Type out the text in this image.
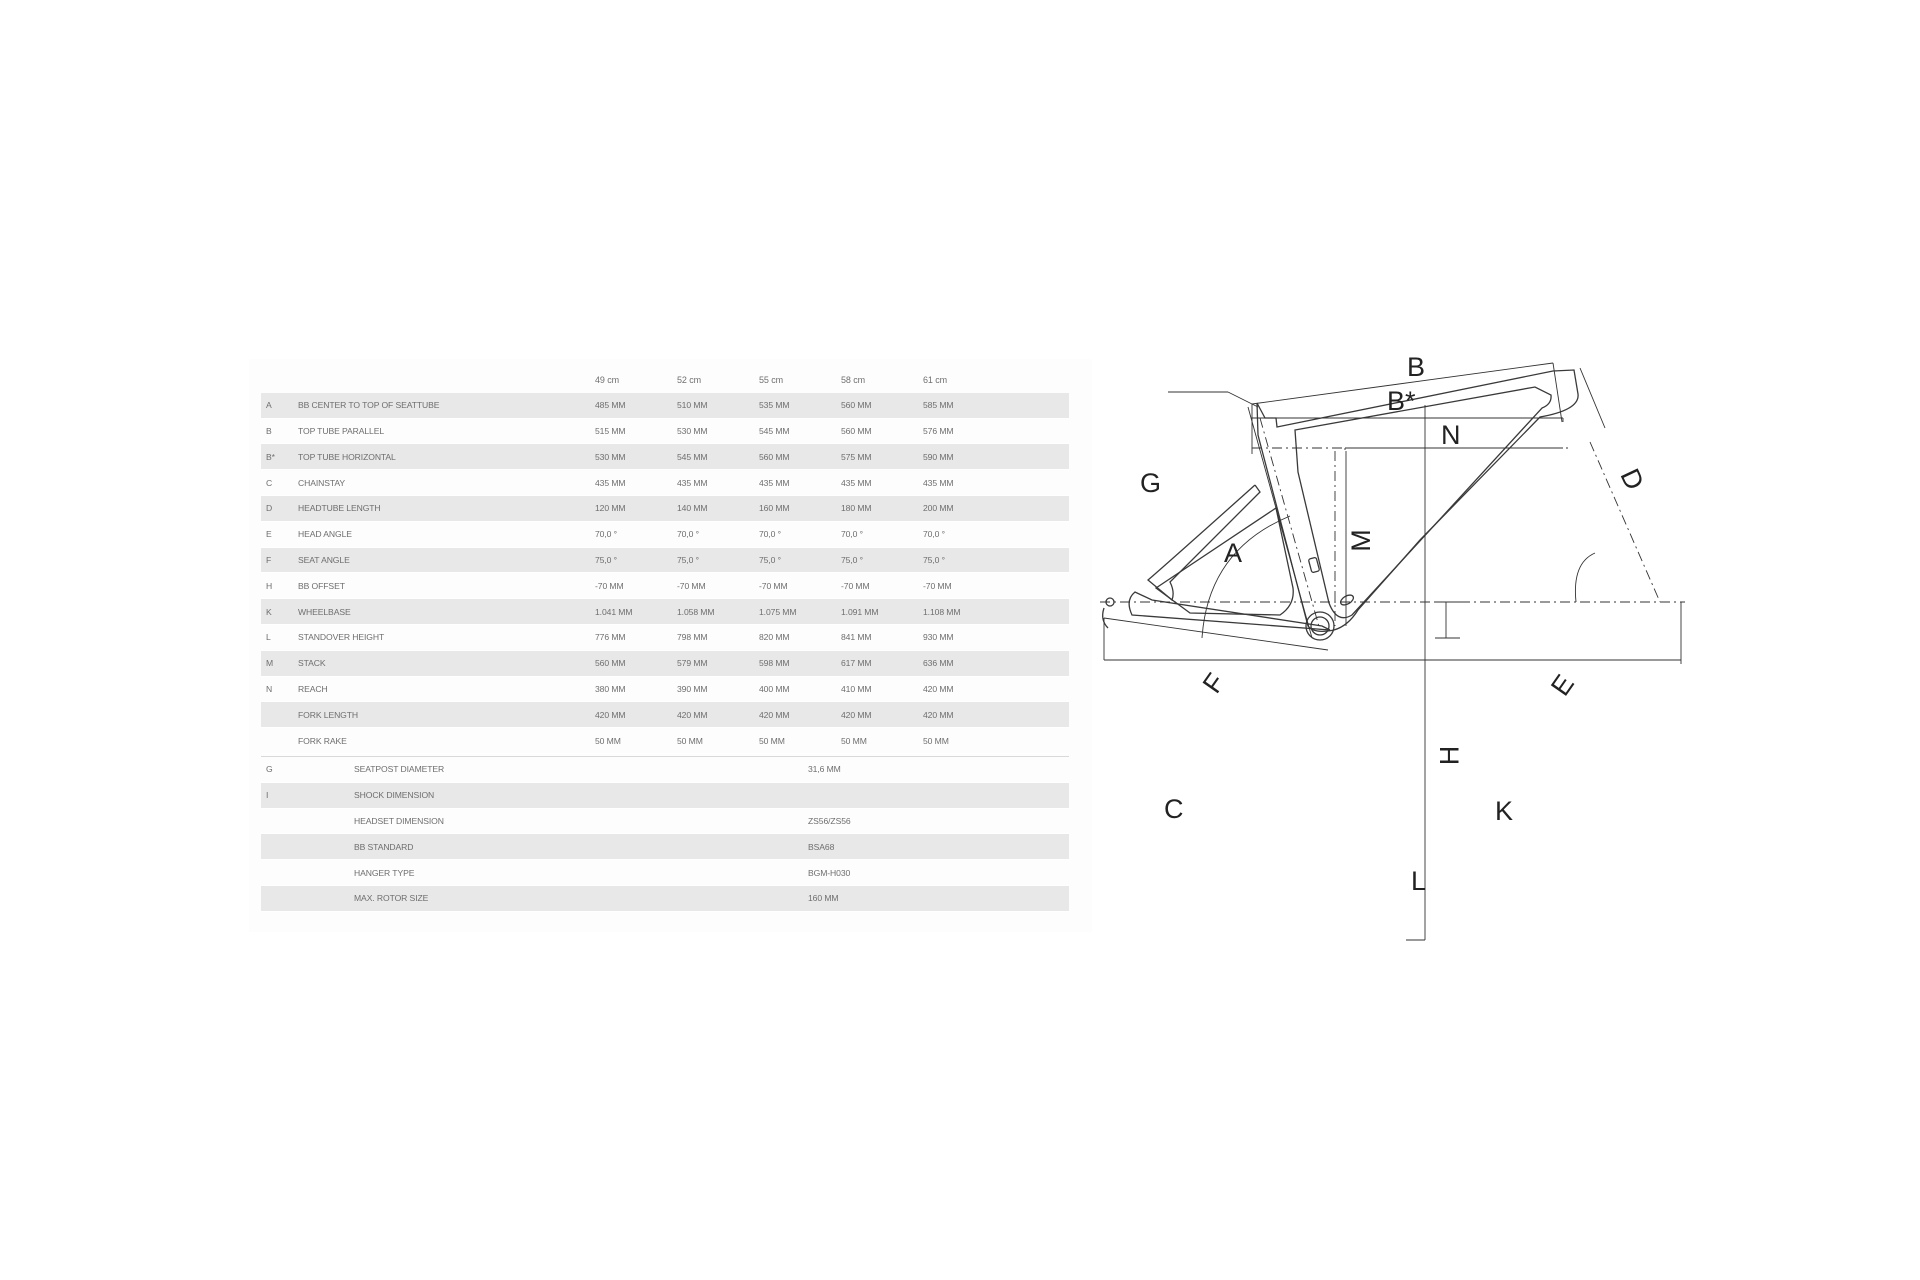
		49 cm	52 cm	55 cm	58 cm	61 cm	
A	BB CENTER TO TOP OF SEATTUBE	485 MM	510 MM	535 MM	560 MM	585 MM	
B	TOP TUBE PARALLEL	515 MM	530 MM	545 MM	560 MM	576 MM	
B*	TOP TUBE HORIZONTAL	530 MM	545 MM	560 MM	575 MM	590 MM	
C	CHAINSTAY	435 MM	435 MM	435 MM	435 MM	435 MM	
D	HEADTUBE LENGTH	120 MM	140 MM	160 MM	180 MM	200 MM	
E	HEAD ANGLE	70,0 °	70,0 °	70,0 °	70,0 °	70,0 °	
F	SEAT ANGLE	75,0 °	75,0 °	75,0 °	75,0 °	75,0 °	
H	BB OFFSET	-70 MM	-70 MM	-70 MM	-70 MM	-70 MM	
K	WHEELBASE	1.041 MM	1.058 MM	1.075 MM	1.091 MM	1.108 MM	
L	STANDOVER HEIGHT	776 MM	798 MM	820 MM	841 MM	930 MM	
M	STACK	560 MM	579 MM	598 MM	617 MM	636 MM	
N	REACH	380 MM	390 MM	400 MM	410 MM	420 MM	
	FORK LENGTH	420 MM	420 MM	420 MM	420 MM	420 MM	
	FORK RAKE	50 MM	50 MM	50 MM	50 MM	50 MM	
G		SEATPOST DIAMETER	31,6 MM
I		SHOCK DIMENSION	
		HEADSET DIMENSION	ZS56/ZS56
		BB STANDARD	BSA68
		HANGER TYPE	BGM-H030
		MAX. ROTOR SIZE	160 MM
B
B*
N
G	D
A	M
F	E
H
C	K
L
